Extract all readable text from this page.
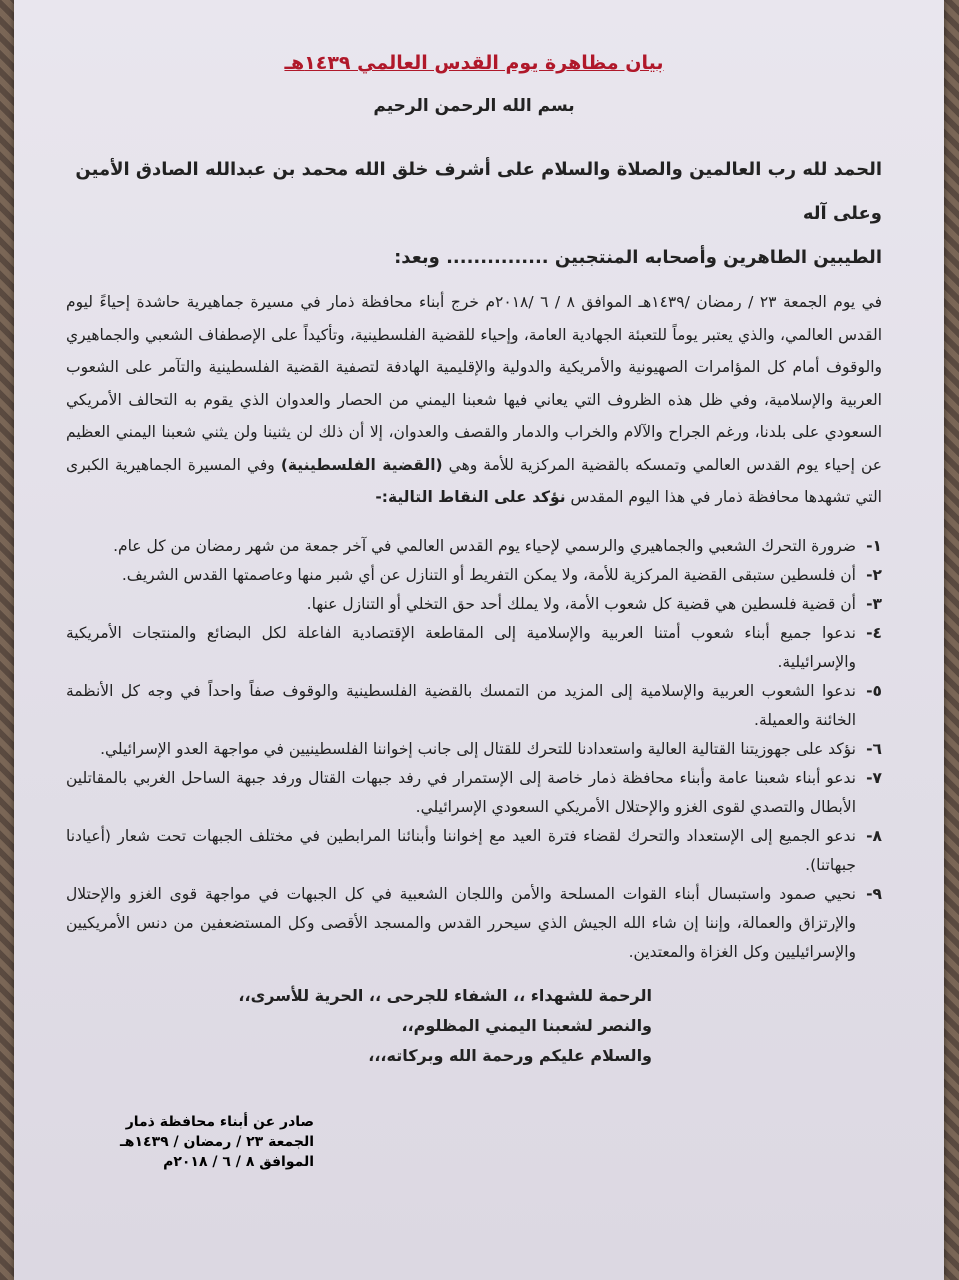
بيان مظاهرة يوم القدس العالمي ١٤٣٩هـ
بسم الله الرحمن الرحيم
الحمد لله رب العالمين والصلاة والسلام على أشرف خلق الله محمد بن عبدالله الصادق الأمين وعلى آله
الطيبين الطاهرين وأصحابه المنتجبين ............... وبعد:
في يوم الجمعة ٢٣ / رمضان /١٤٣٩هـ الموافق ٨ / ٦ /٢٠١٨م خرج أبناء محافظة ذمار في مسيرة جماهيرية حاشدة إحياءً ليوم القدس العالمي، والذي يعتبر يوماً للتعبئة الجهادية العامة، وإحياء للقضية الفلسطينية، وتأكيداً على الإصطفاف الشعبي والجماهيري والوقوف أمام كل المؤامرات الصهيونية والأمريكية والدولية والإقليمية الهادفة لتصفية القضية الفلسطينية والتآمر على الشعوب العربية والإسلامية، وفي ظل هذه الظروف التي يعاني فيها شعبنا اليمني من الحصار والعدوان الذي يقوم به التحالف الأمريكي السعودي على بلدنا، ورغم الجراح والآلام والخراب والدمار والقصف والعدوان، إلا أن ذلك لن يثنينا ولن يثني شعبنا اليمني العظيم عن إحياء يوم القدس العالمي وتمسكه بالقضية المركزية للأمة وهي (القضية الفلسطينية) وفي المسيرة الجماهيرية الكبرى التي تشهدها محافظة ذمار في هذا اليوم المقدس نؤكد على النقاط التالية:-
١-
ضرورة التحرك الشعبي والجماهيري والرسمي لإحياء يوم القدس العالمي في آخر جمعة من شهر رمضان من كل عام.
٢-
أن فلسطين ستبقى القضية المركزية للأمة، ولا يمكن التفريط أو التنازل عن أي شبر منها وعاصمتها القدس الشريف.
٣-
أن قضية فلسطين هي قضية كل شعوب الأمة، ولا يملك أحد حق التخلي أو التنازل عنها.
٤-
ندعوا جميع أبناء شعوب أمتنا العربية والإسلامية إلى المقاطعة الإقتصادية الفاعلة لكل البضائع والمنتجات الأمريكية والإسرائيلية.
٥-
ندعوا الشعوب العربية والإسلامية إلى المزيد من التمسك بالقضية الفلسطينية والوقوف صفاً واحداً في وجه كل الأنظمة الخائنة والعميلة.
٦-
نؤكد على جهوزيتنا القتالية العالية واستعدادنا للتحرك للقتال إلى جانب إخواننا الفلسطينيين في مواجهة العدو الإسرائيلي.
٧-
ندعو أبناء شعبنا عامة وأبناء محافظة ذمار خاصة إلى الإستمرار في رفد جبهات القتال ورفد جبهة الساحل الغربي بالمقاتلين الأبطال والتصدي لقوى الغزو والإحتلال الأمريكي السعودي الإسرائيلي.
٨-
ندعو الجميع إلى الإستعداد والتحرك لقضاء فترة العيد مع إخواننا وأبنائنا المرابطين في مختلف الجبهات تحت شعار (أعيادنا جبهاتنا).
٩-
نحيي صمود واستبسال أبناء القوات المسلحة والأمن واللجان الشعبية في كل الجبهات في مواجهة قوى الغزو والإحتلال والإرتزاق والعمالة، وإننا إن شاء الله الجيش الذي سيحرر القدس والمسجد الأقصى وكل المستضعفين من دنس الأمريكيين والإسرائيليين وكل الغزاة والمعتدين.
الرحمة للشهداء ،، الشفاء للجرحى ،، الحرية للأسرى،،
والنصر لشعبنا اليمني المظلوم،،
والسلام عليكم ورحمة الله وبركاته،،،
صادر عن أبناء محافظة ذمار
الجمعة ٢٣ / رمضان / ١٤٣٩هـ
الموافق ٨ / ٦ / ٢٠١٨م
